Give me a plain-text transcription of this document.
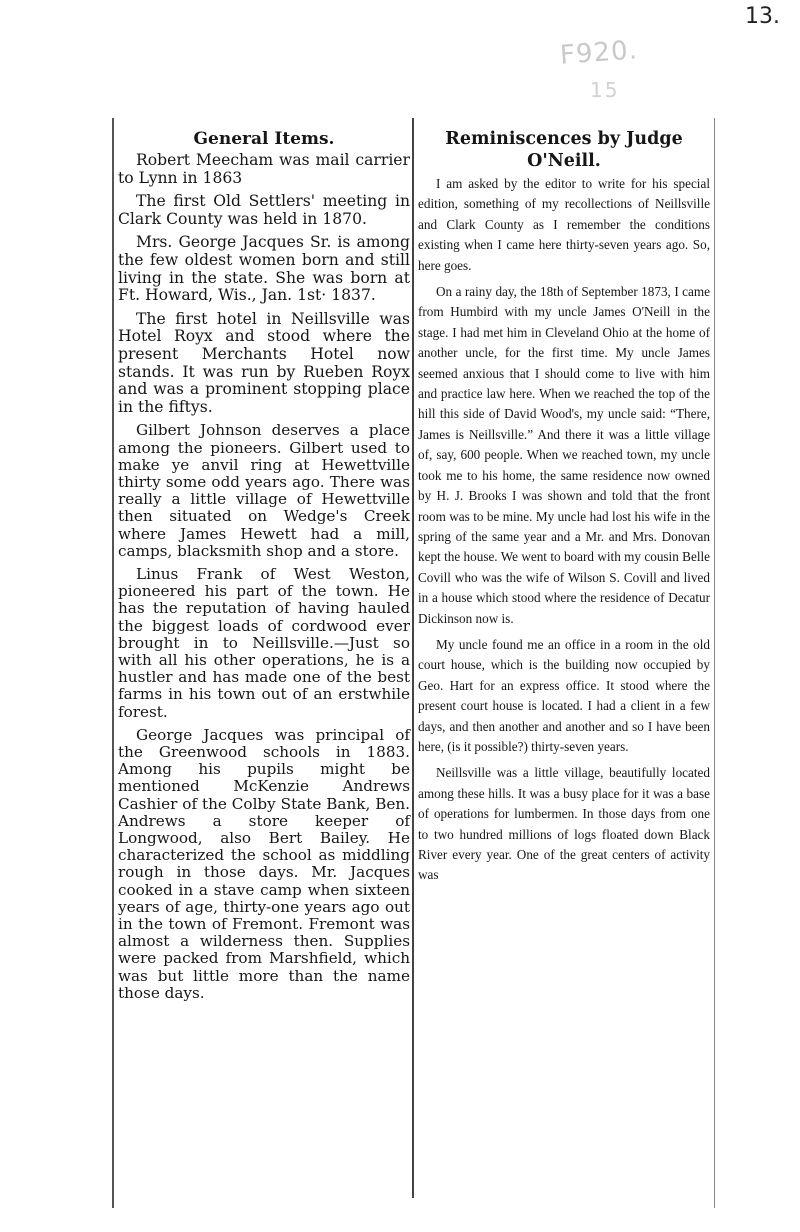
13.
F920.
15
General Items.

Robert Meecham was mail carrier to Lynn in 1863

The first Old Settlers' meeting in Clark County was held in 1870.

Mrs. George Jacques Sr. is among the few oldest women born and still living in the state. She was born at Ft. Howard, Wis., Jan. 1st· 1837.

The first hotel in Neillsville was Hotel Royx and stood where the present Merchants Hotel now stands. It was run by Rueben Royx and was a prominent stopping place in the fiftys.

Gilbert Johnson deserves a place among the pioneers. Gilbert used to make ye anvil ring at Hewettville thirty some odd years ago. There was really a little village of Hewettville then situated on Wedge's Creek where James Hewett had a mill, camps, blacksmith shop and a store.

Linus Frank of West Weston, pioneered his part of the town. He has the reputation of having hauled the biggest loads of cordwood ever brought in to Neillsville.—Just so with all his other operations, he is a hustler and has made one of the best farms in his town out of an erstwhile forest.

George Jacques was principal of the Greenwood schools in 1883. Among his pupils might be mentioned McKenzie Andrews Cashier of the Colby State Bank, Ben. Andrews a store keeper of Longwood, also Bert Bailey. He characterized the school as middling rough in those days. Mr. Jacques cooked in a stave camp when sixteen years of age, thirty-one years ago out in the town of Fremont. Fremont was almost a wilderness then. Supplies were packed from Marshfield, which was but little more than the name those days.

Reminiscences by Judge O'Neill.

I am asked by the editor to write for his special edition, something of my recollections of Neillsville and Clark County as I remember the conditions existing when I came here thirty-seven years ago. So, here goes.

On a rainy day, the 18th of September 1873, I came from Humbird with my uncle James O'Neill in the stage. I had met him in Cleveland Ohio at the home of another uncle, for the first time. My uncle James seemed anxious that I should come to live with him and practice law here. When we reached the top of the hill this side of David Wood's, my uncle said: “There, James is Neillsville.” And there it was a little village of, say, 600 people. When we reached town, my uncle took me to his home, the same residence now owned by H. J. Brooks I was shown and told that the front room was to be mine. My uncle had lost his wife in the spring of the same year and a Mr. and Mrs. Donovan kept the house. We went to board with my cousin Belle Covill who was the wife of Wilson S. Covill and lived in a house which stood where the residence of Decatur Dickinson now is.

My uncle found me an office in a room in the old court house, which is the building now occupied by Geo. Hart for an express office. It stood where the present court house is located. I had a client in a few days, and then another and another and so I have been here, (is it possible?) thirty-seven years.

Neillsville was a little village, beautifully located among these hills. It was a busy place for it was a base of operations for lumbermen. In those days from one to two hundred millions of logs floated down Black River every year. One of the great centers of activity was
